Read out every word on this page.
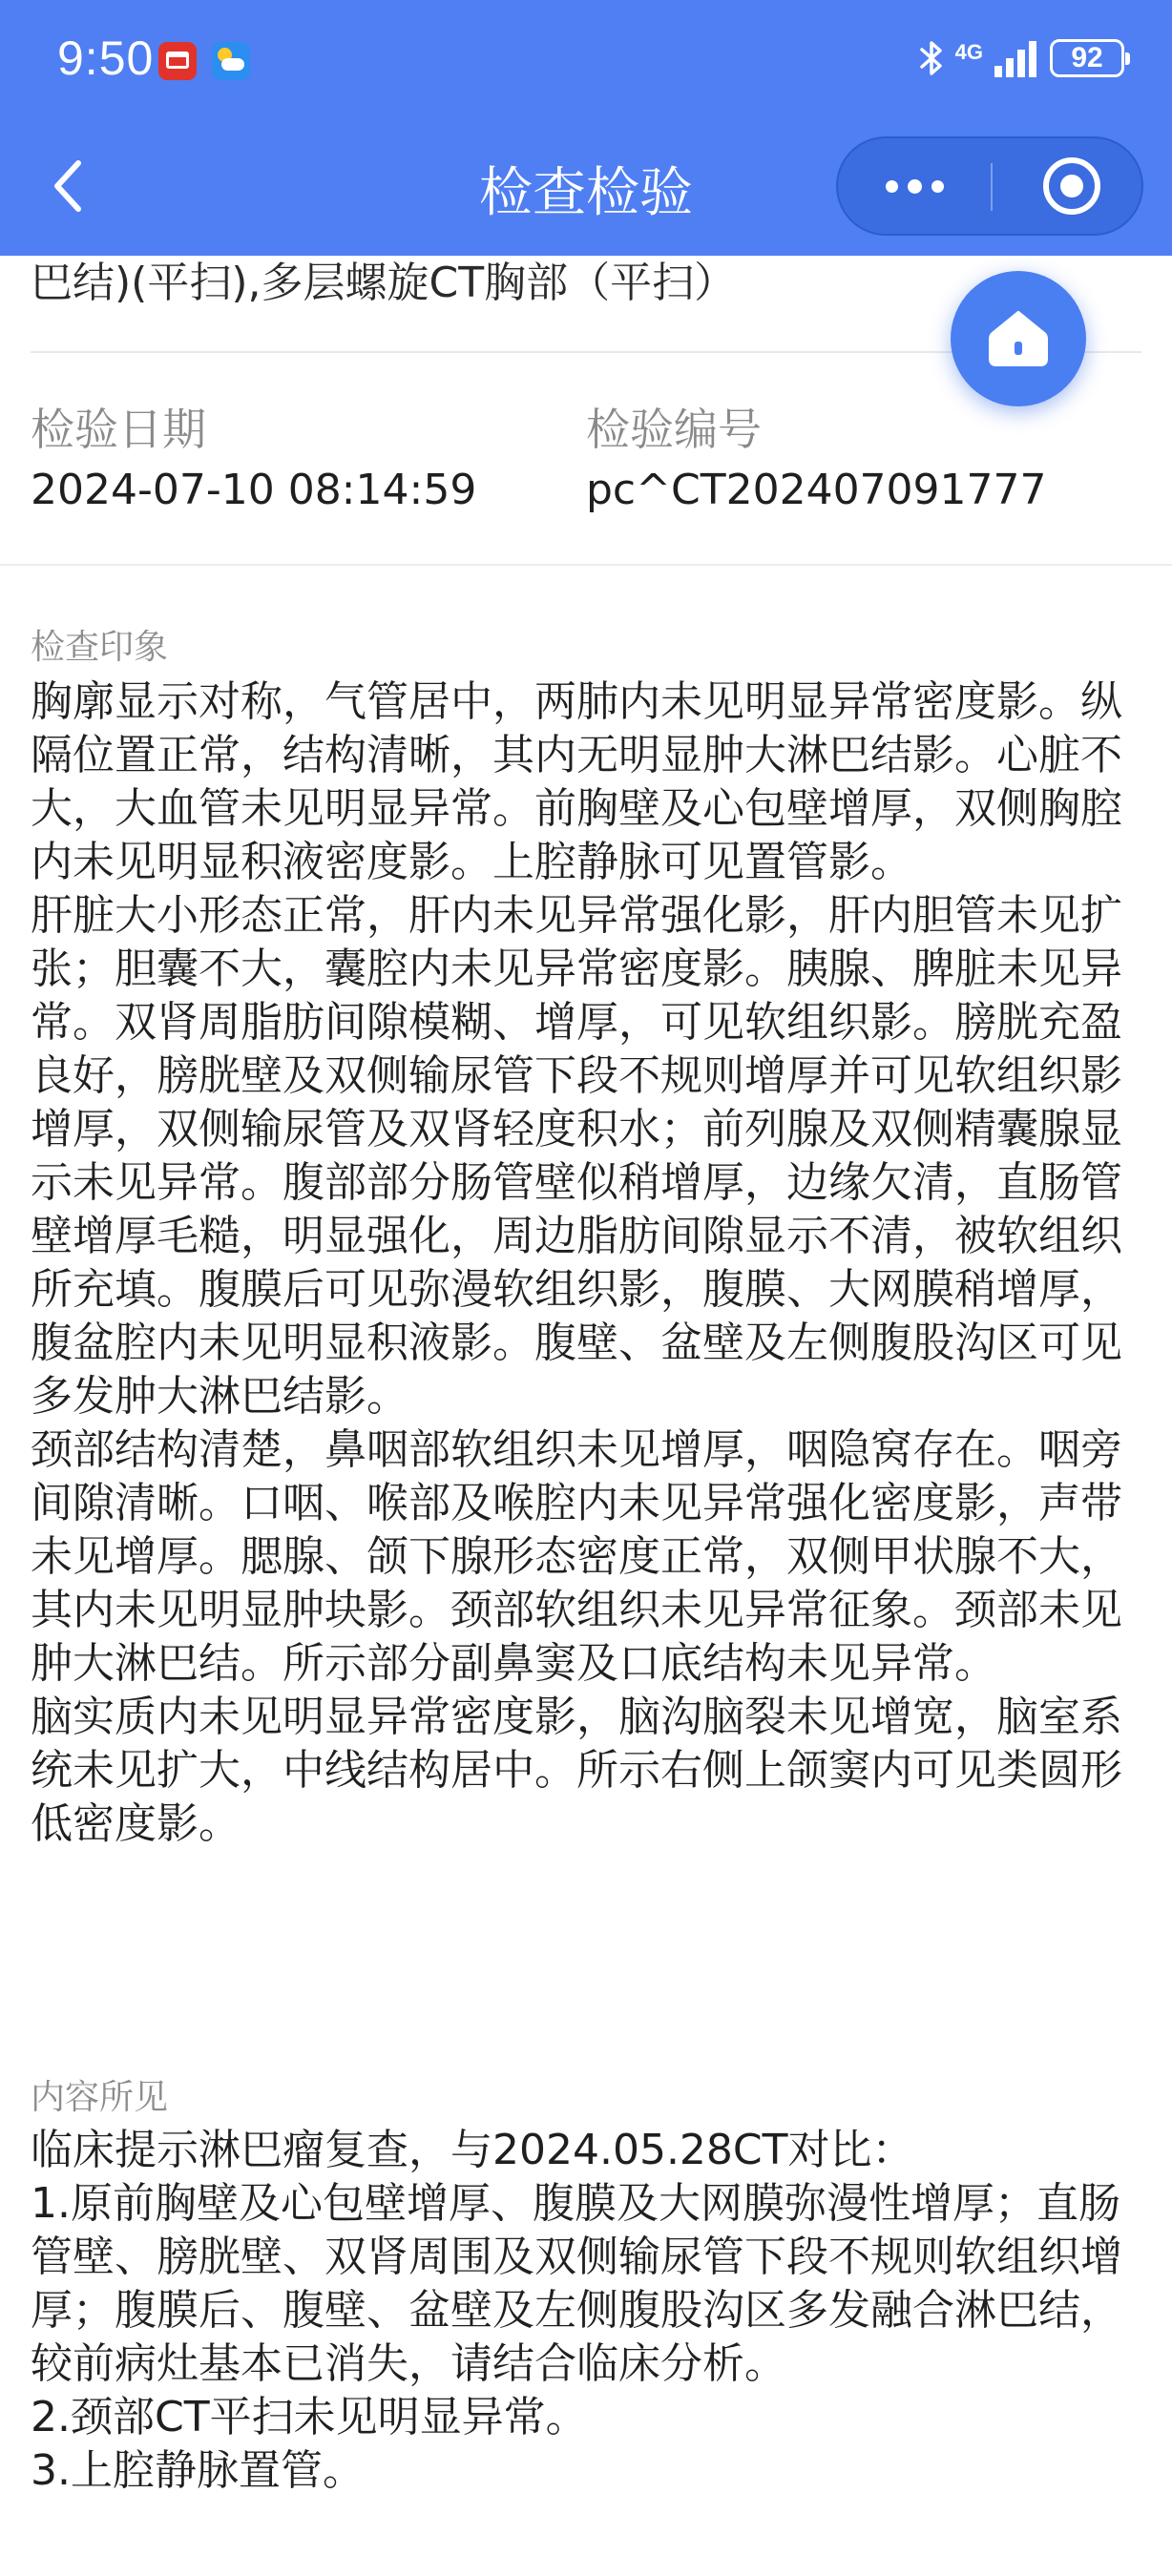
9:50	4G	92
检查检验
巴结)(平扫),多层螺旋CT胸部（平扫）
检验日期
2024-07-10 08:14:59
检验编号
pc^CT202407091777
检查印象
胸廓显示对称，气管居中，两肺内未见明显异常密度影。纵隔位置正常，结构清晰，其内无明显肿大淋巴结影。心脏不大，大血管未见明显异常。前胸壁及心包壁增厚，双侧胸腔内未见明显积液密度影。上腔静脉可见置管影。
肝脏大小形态正常，肝内未见异常强化影，肝内胆管未见扩张；胆囊不大，囊腔内未见异常密度影。胰腺、脾脏未见异常。双肾周脂肪间隙模糊、增厚，可见软组织影。膀胱充盈良好，膀胱壁及双侧输尿管下段不规则增厚并可见软组织影增厚，双侧输尿管及双肾轻度积水；前列腺及双侧精囊腺显示未见异常。腹部部分肠管壁似稍增厚，边缘欠清，直肠管壁增厚毛糙，明显强化，周边脂肪间隙显示不清，被软组织所充填。腹膜后可见弥漫软组织影，腹膜、大网膜稍增厚，腹盆腔内未见明显积液影。腹壁、盆壁及左侧腹股沟区可见多发肿大淋巴结影。
颈部结构清楚，鼻咽部软组织未见增厚，咽隐窝存在。咽旁间隙清晰。口咽、喉部及喉腔内未见异常强化密度影，声带未见增厚。腮腺、颌下腺形态密度正常，双侧甲状腺不大，其内未见明显肿块影。颈部软组织未见异常征象。颈部未见肿大淋巴结。所示部分副鼻窦及口底结构未见异常。
脑实质内未见明显异常密度影，脑沟脑裂未见增宽，脑室系统未见扩大，中线结构居中。所示右侧上颌窦内可见类圆形低密度影。
内容所见
临床提示淋巴瘤复查，与2024.05.28CT对比：
1.原前胸壁及心包壁增厚、腹膜及大网膜弥漫性增厚；直肠管壁、膀胱壁、双肾周围及双侧输尿管下段不规则软组织增厚；腹膜后、腹壁、盆壁及左侧腹股沟区多发融合淋巴结，较前病灶基本已消失，请结合临床分析。
2.颈部CT平扫未见明显异常。
3.上腔静脉置管。
